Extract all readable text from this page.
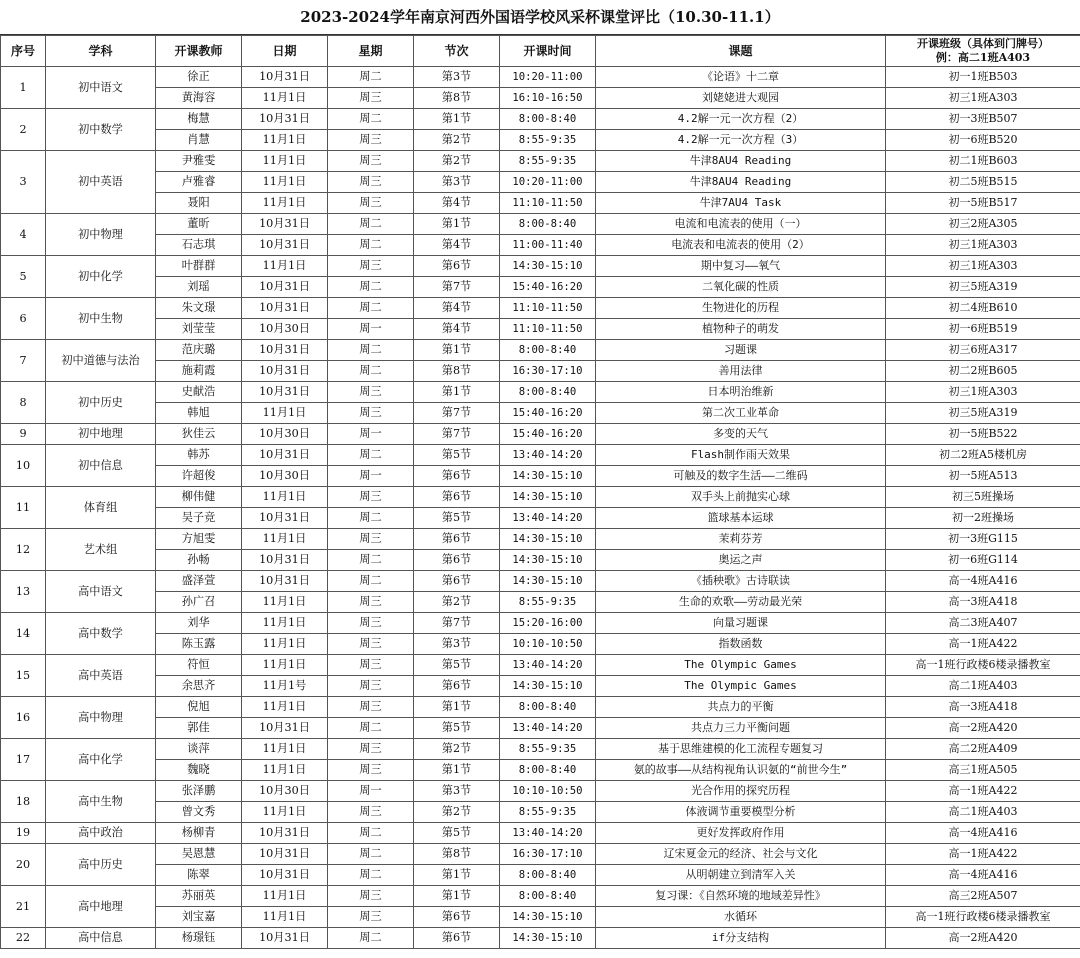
2023-2024学年南京河西外国语学校风采杯课堂评比（10.30-11.1）
序号	学科	开课教师	日期	星期	节次	开课时间	课题	开课班级（具体到门牌号）
例：高二1班A403

1	初中语文	徐正	10月31日	周二	第3节	10:20-11:00	《论语》十二章	初一1班B503
		黄海容	11月1日	周三	第8节	16:10-16:50	刘姥姥进大观园	初三1班A303
2	初中数学	梅慧	10月31日	周二	第1节	8:00-8:40	4.2解一元一次方程（2）	初一3班B507
		肖慧	11月1日	周三	第2节	8:55-9:35	4.2解一元一次方程（3）	初一6班B520
3	初中英语	尹雅雯	11月1日	周三	第2节	8:55-9:35	牛津8AU4 Reading	初二1班B603
		卢雅睿	11月1日	周三	第3节	10:20-11:00	牛津8AU4 Reading	初二5班B515
		聂阳	11月1日	周三	第4节	11:10-11:50	牛津7AU4 Task	初一5班B517
4	初中物理	董昕	10月31日	周二	第1节	8:00-8:40	电流和电流表的使用（一）	初三2班A305
		石志琪	10月31日	周二	第4节	11:00-11:40	电流表和电流表的使用（2）	初三1班A303
5	初中化学	叶群群	11月1日	周三	第6节	14:30-15:10	期中复习——氧气	初三1班A303
		刘瑶	10月31日	周二	第7节	15:40-16:20	二氧化碳的性质	初三5班A319
6	初中生物	朱文璟	10月31日	周二	第4节	11:10-11:50	生物进化的历程	初二4班B610
		刘莹莹	10月30日	周一	第4节	11:10-11:50	植物种子的萌发	初一6班B519
7	初中道德与法治	范庆璐	10月31日	周二	第1节	8:00-8:40	习题课	初三6班A317
		施莉霞	10月31日	周二	第8节	16:30-17:10	善用法律	初二2班B605
8	初中历史	史献浩	10月31日	周三	第1节	8:00-8:40	日本明治维新	初三1班A303
		韩旭	11月1日	周三	第7节	15:40-16:20	第二次工业革命	初三5班A319
9	初中地理	狄佳云	10月30日	周一	第7节	15:40-16:20	多变的天气	初一5班B522
10	初中信息	韩苏	10月31日	周二	第5节	13:40-14:20	Flash制作雨天效果	初二2班A5楼机房
		许超俊	10月30日	周一	第6节	14:30-15:10	可触及的数字生活——二维码	初一5班A513
11	体育组	柳伟健	11月1日	周三	第6节	14:30-15:10	双手头上前抛实心球	初三5班操场
		吴子竞	10月31日	周二	第5节	13:40-14:20	篮球基本运球	初一2班操场
12	艺术组	方旭雯	11月1日	周三	第6节	14:30-15:10	茉莉芬芳	初一3班G115
		孙畅	10月31日	周二	第6节	14:30-15:10	奥运之声	初一6班G114
13	高中语文	盛泽萱	10月31日	周二	第6节	14:30-15:10	《插秧歌》古诗联读	高一4班A416
		孙广召	11月1日	周三	第2节	8:55-9:35	生命的欢歌——劳动最光荣	高一3班A418
14	高中数学	刘华	11月1日	周三	第7节	15:20-16:00	向量习题课	高二3班A407
		陈玉露	11月1日	周三	第3节	10:10-10:50	指数函数	高一1班A422
15	高中英语	符恒	11月1日	周三	第5节	13:40-14:20	The Olympic Games	高一1班行政楼6楼录播教室
		余思齐	11月1号	周三	第6节	14:30-15:10	The Olympic Games	高二1班A403
16	高中物理	倪旭	11月1日	周三	第1节	8:00-8:40	共点力的平衡	高一3班A418
		郭佳	10月31日	周二	第5节	13:40-14:20	共点力三力平衡问题	高一2班A420
17	高中化学	谈萍	11月1日	周三	第2节	8:55-9:35	基于思维建模的化工流程专题复习	高二2班A409
		魏晓	11月1日	周三	第1节	8:00-8:40	氨的故事——从结构视角认识氨的“前世今生”	高三1班A505
18	高中生物	张泽鹏	10月30日	周一	第3节	10:10-10:50	光合作用的探究历程	高一1班A422
		曾文秀	11月1日	周三	第2节	8:55-9:35	体液调节重要模型分析	高二1班A403
19	高中政治	杨柳青	10月31日	周二	第5节	13:40-14:20	更好发挥政府作用	高一4班A416
20	高中历史	吴恩慧	10月31日	周二	第8节	16:30-17:10	辽宋夏金元的经济、社会与文化	高一1班A422
		陈翠	10月31日	周二	第1节	8:00-8:40	从明朝建立到清军入关	高一4班A416
21	高中地理	苏丽英	11月1日	周三	第1节	8:00-8:40	复习课：《自然环境的地域差异性》	高三2班A507
		刘宝嘉	11月1日	周三	第6节	14:30-15:10	水循环	高一1班行政楼6楼录播教室
22	高中信息	杨璟钰	10月31日	周二	第6节	14:30-15:10	if分支结构	高一2班A420
